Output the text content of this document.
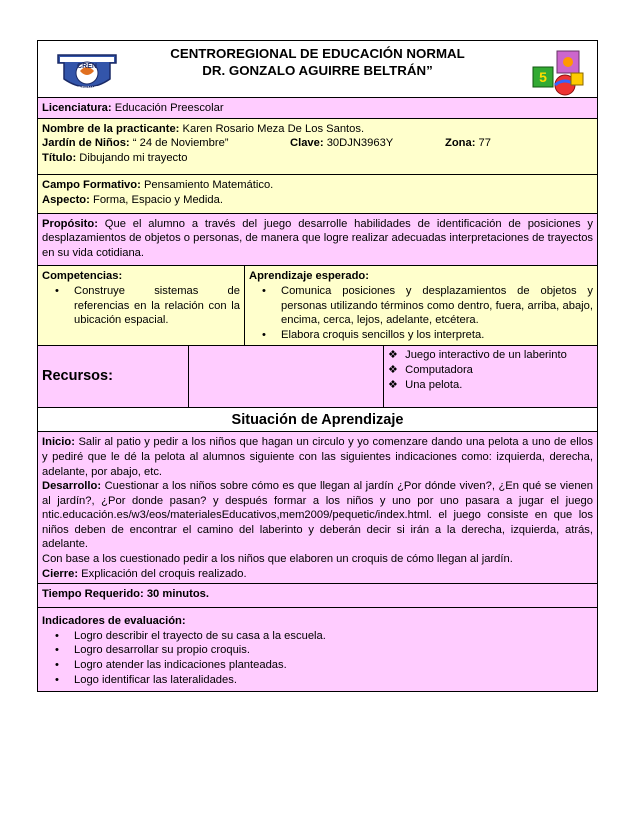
CREN
TUXPAN VER
CENTROREGIONAL DE EDUCACIÓN NORMAL
DR. GONZALO AGUIRRE BELTRÁN”	5
Licenciatura: Educación Preescolar
Nombre de la practicante: Karen Rosario Meza De Los Santos.
Jardín de Niños: “ 24 de Noviembre”	Clave: 30DJN3963Y	Zona: 77
Título: Dibujando mi trayecto
Campo Formativo: Pensamiento Matemático.
Aspecto: Forma, Espacio y Medida.
Propósito: Que el alumno a través del juego desarrolle habilidades de identificación de posiciones y desplazamientos de objetos o personas, de manera que logre realizar adecuadas interpretaciones de trayectos en su vida cotidiana.
Competencias:
• Construye sistemas de referencias en la relación con la ubicación espacial.
Aprendizaje esperado:
• Comunica posiciones y desplazamientos de objetos y personas utilizando términos como dentro, fuera, arriba, abajo, encima, cerca, lejos, adelante, etcétera.
• Elabora croquis sencillos y los interpreta.
Recursos:
❖ Juego interactivo de un laberinto
❖ Computadora
❖ Una pelota.
Situación de Aprendizaje
Inicio: Salir al patio y pedir a los niños que hagan un circulo y yo comenzare dando una pelota a uno de ellos y pediré que le dé la pelota al alumnos siguiente con las siguientes indicaciones como: izquierda, derecha, adelante, por abajo, etc.
Desarrollo: Cuestionar a los niños sobre cómo es que llegan al jardín ¿Por dónde viven?, ¿En qué se vienen al jardín?, ¿Por donde pasan? y después formar a los niños y uno por uno pasara a jugar el juego ntic.educación.es/w3/eos/materialesEducativos,mem2009/pequetic/index.html. el juego consiste en que los niños deben de encontrar el camino del laberinto y deberán decir si irán a la derecha, izquierda, atrás, adelante.
Con base a los cuestionado pedir a los niños que elaboren un croquis de cómo llegan al jardín.
Cierre: Explicación del croquis realizado.
Tiempo Requerido: 30 minutos.
Indicadores de evaluación:
• Logro describir el trayecto de su casa a la escuela.
• Logro desarrollar su propio croquis.
• Logro atender las indicaciones planteadas.
• Logo identificar las lateralidades.
